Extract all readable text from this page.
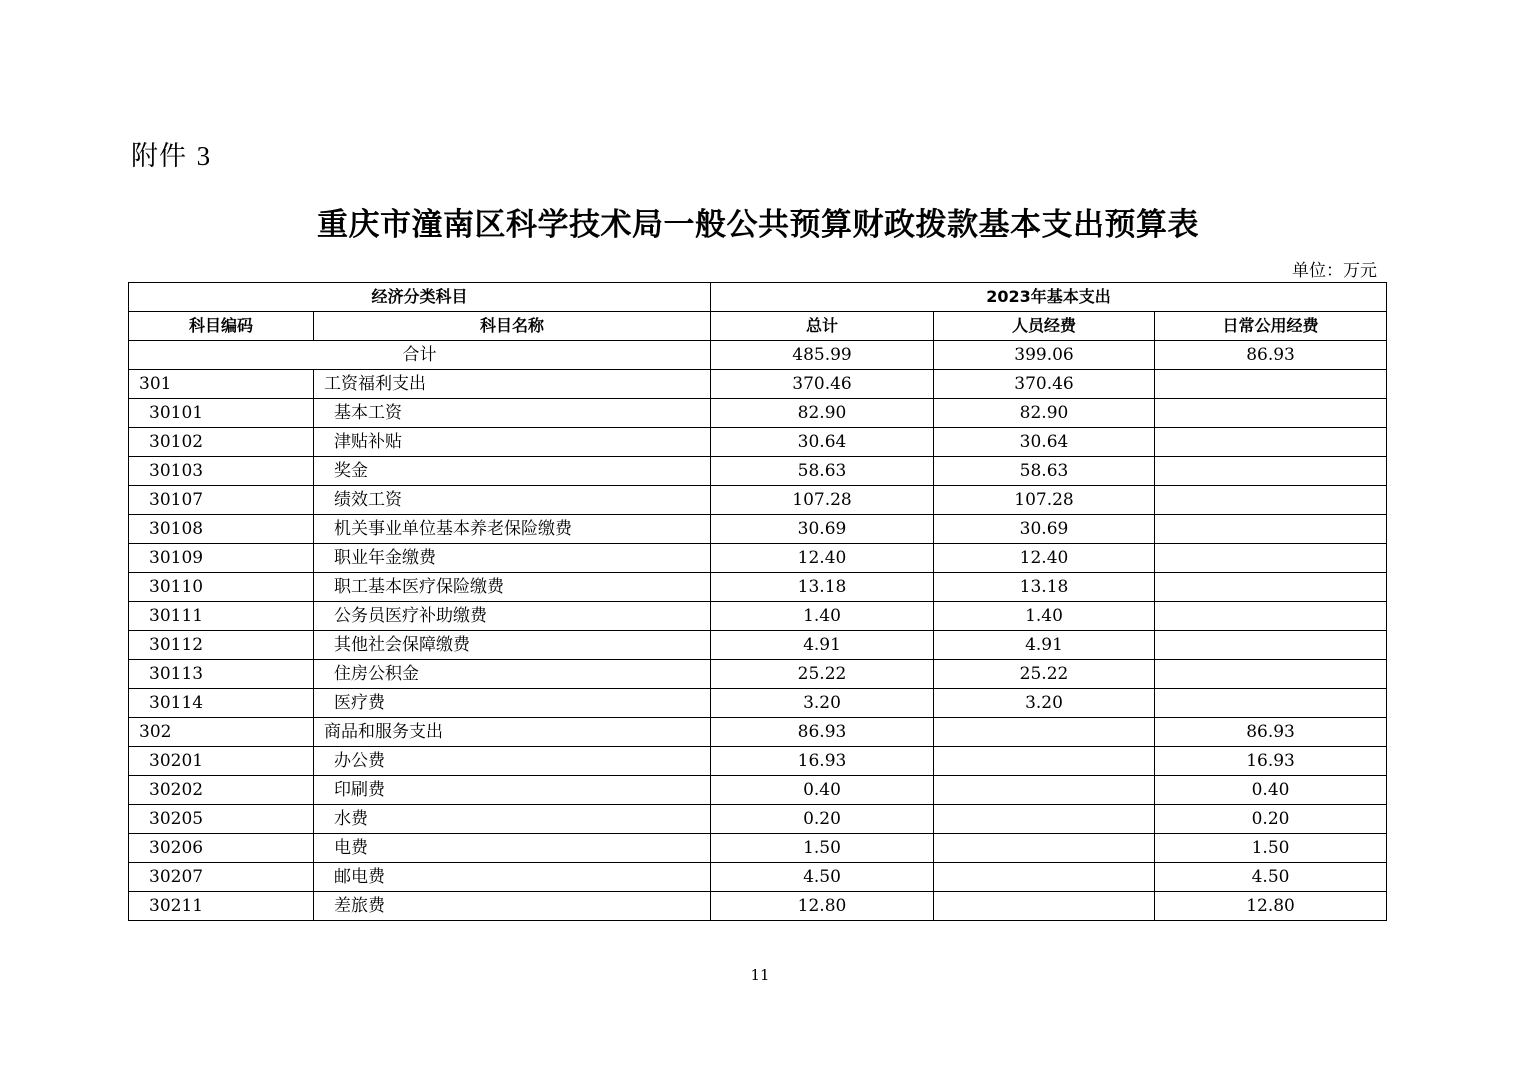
附件 3
重庆市潼南区科学技术局一般公共预算财政拨款基本支出预算表
单位：万元
经济分类科目		2023年基本支出		
科目编码	科目名称	总计	人员经费	日常公用经费
合计		485.99	399.06	86.93
301	工资福利支出	370.46	370.46	
30101	基本工资	82.90	82.90	
30102	津贴补贴	30.64	30.64	
30103	奖金	58.63	58.63	
30107	绩效工资	107.28	107.28	
30108	机关事业单位基本养老保险缴费	30.69	30.69	
30109	职业年金缴费	12.40	12.40	
30110	职工基本医疗保险缴费	13.18	13.18	
30111	公务员医疗补助缴费	1.40	1.40	
30112	其他社会保障缴费	4.91	4.91	
30113	住房公积金	25.22	25.22	
30114	医疗费	3.20	3.20	
302	商品和服务支出	86.93		86.93
30201	办公费	16.93		16.93
30202	印刷费	0.40		0.40
30205	水费	0.20		0.20
30206	电费	1.50		1.50
30207	邮电费	4.50		4.50
30211	差旅费	12.80		12.80
11
